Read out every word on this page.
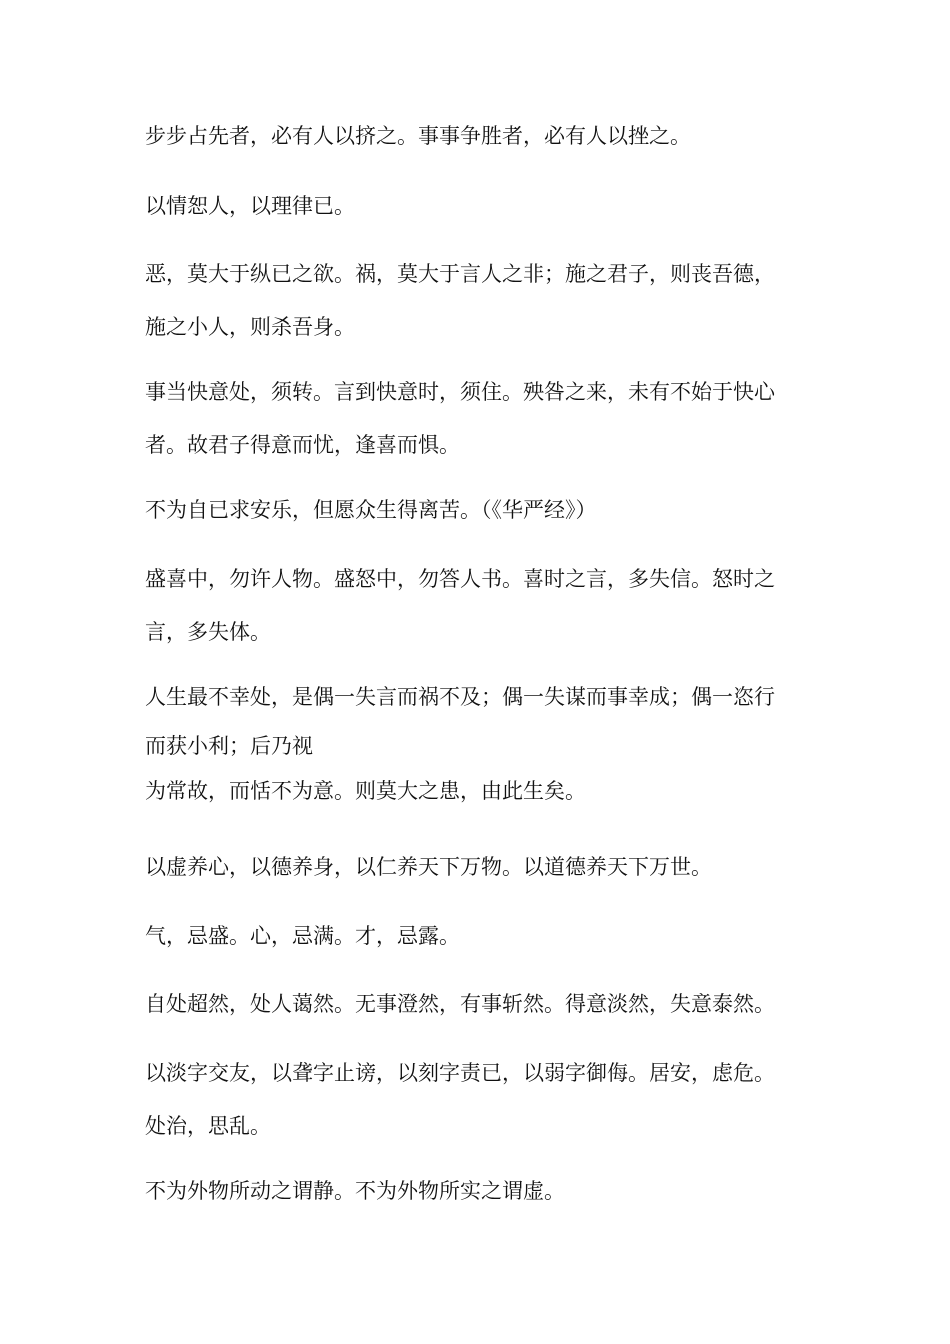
步步占先者，必有人以挤之。事事争胜者，必有人以挫之。
以情恕人，以理律已。
恶，莫大于纵已之欲。祸，莫大于言人之非；施之君子，则丧吾德，
施之小人，则杀吾身。
事当快意处，须转。言到快意时，须住。殃咎之来，未有不始于快心
者。故君子得意而忧，逢喜而惧。
不为自已求安乐，但愿众生得离苦。（《华严经》）
盛喜中，勿许人物。盛怒中，勿答人书。喜时之言，多失信。怒时之
言，多失体。
人生最不幸处，是偶一失言而祸不及；偶一失谋而事幸成；偶一恣行
而获小利；后乃视
为常故，而恬不为意。则莫大之患，由此生矣。
以虚养心，以德养身，以仁养天下万物。以道德养天下万世。
气，忌盛。心，忌满。才，忌露。
自处超然，处人蔼然。无事澄然，有事斩然。得意淡然，失意泰然。
以淡字交友，以聋字止谤，以刻字责已，以弱字御侮。居安，虑危。
处治，思乱。
不为外物所动之谓静。不为外物所实之谓虚。
